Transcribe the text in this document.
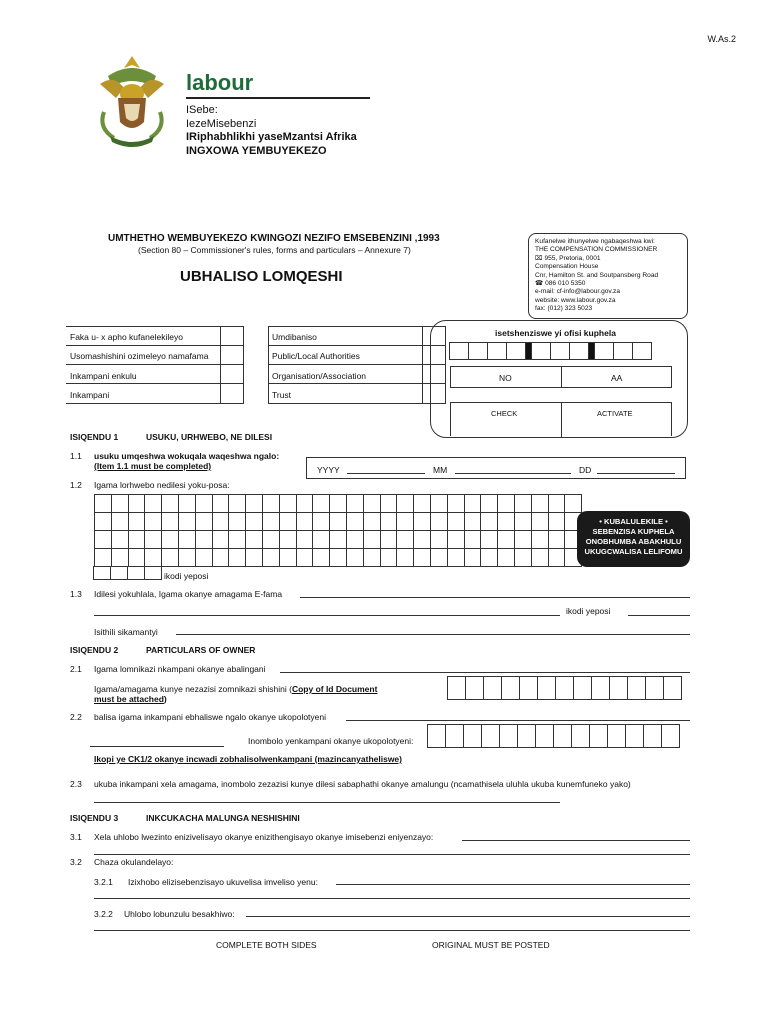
W.As.2
labour
ISebe:
IezeMisebenzi
IRiphabhlikhi yaseMzantsi Afrika
INGXOWA YEMBUYEKEZO
UMTHETHO WEMBUYEKEZO KWINGOZI NEZIFO EMSEBENZINI ,1993
(Section 80 – Commissioner's rules, forms and particulars – Annexure 7)
UBHALISO LOMQESHI
Kufanelwe ithunyelwe ngabaqeshwa kwi:
THE COMPENSATION COMMISSIONER
⌧ 955, Pretoria, 0001
Compensation House
Cnr, Hamilton St. and Soutpansberg Road
☎ 086 010 5350
e-mail: cf-info@labour.gov.za
website: www.labour.gov.za
fax: (012) 323 5023
Faka u- x apho kufanelekileyo
Usomashishini ozimeleyo namafama
Inkampani enkulu
Inkampani
Umdibaniso
Public/Local Authorities
Organisation/Association
Trust
isetshenziswe yi ofisi kuphela
NO	AA
CHECK	ACTIVATE
ISIQENDU 1	USUKU, URHWEBO, NE DILESI
1.1 usuku umqeshwa wokuqala waqeshwa ngalo:
(Item 1.1 must be completed)	YYYY	MM	DD
1.2 Igama lorhwebo nedilesi yoku-posa:
• KUBALULEKILE • SEBENZISA KUPHELA ONOBHUMBA ABAKHULU UKUGCWALISA LELIFOMU
ikodi yeposi
1.3 Idilesi yokuhlala, Igama okanye amagama E-fama
ikodi yeposi
Isithili sikamantyi
ISIQENDU 2	PARTICULARS OF OWNER
2.1 Igama lomnikazi nkampani okanye abalingani
Igama/amagama kunye nezazisi zomnikazi shishini (Copy of Id Document
must be attached)
2.2 balisa igama inkampani ebhaliswe ngalo okanye ukopolotyeni
Inombolo yenkampani okanye ukopolotyeni:
Ikopi ye CK1/2 okanye incwadi zobhalisolwenkampani (mazincanyatheliswe)
2.3 ukuba inkampani xela amagama, inombolo zezazisi kunye dilesi sabaphathi okanye amalungu (ncamathisela uluhla ukuba kunemfuneko yako)
ISIQENDU 3	INKCUKACHA MALUNGA NESHISHINI
3.1 Xela uhlobo lwezinto enizivelisayo okanye enizithengisayo okanye imisebenzi eniyenzayo:
3.2 Chaza okulandelayo:
3.2.1 Izixhobo elizisebenzisayo ukuvelisa imveliso yenu:
3.2.2 Uhlobo lobunzulu besakhiwo:
COMPLETE BOTH SIDES	ORIGINAL MUST BE POSTED
